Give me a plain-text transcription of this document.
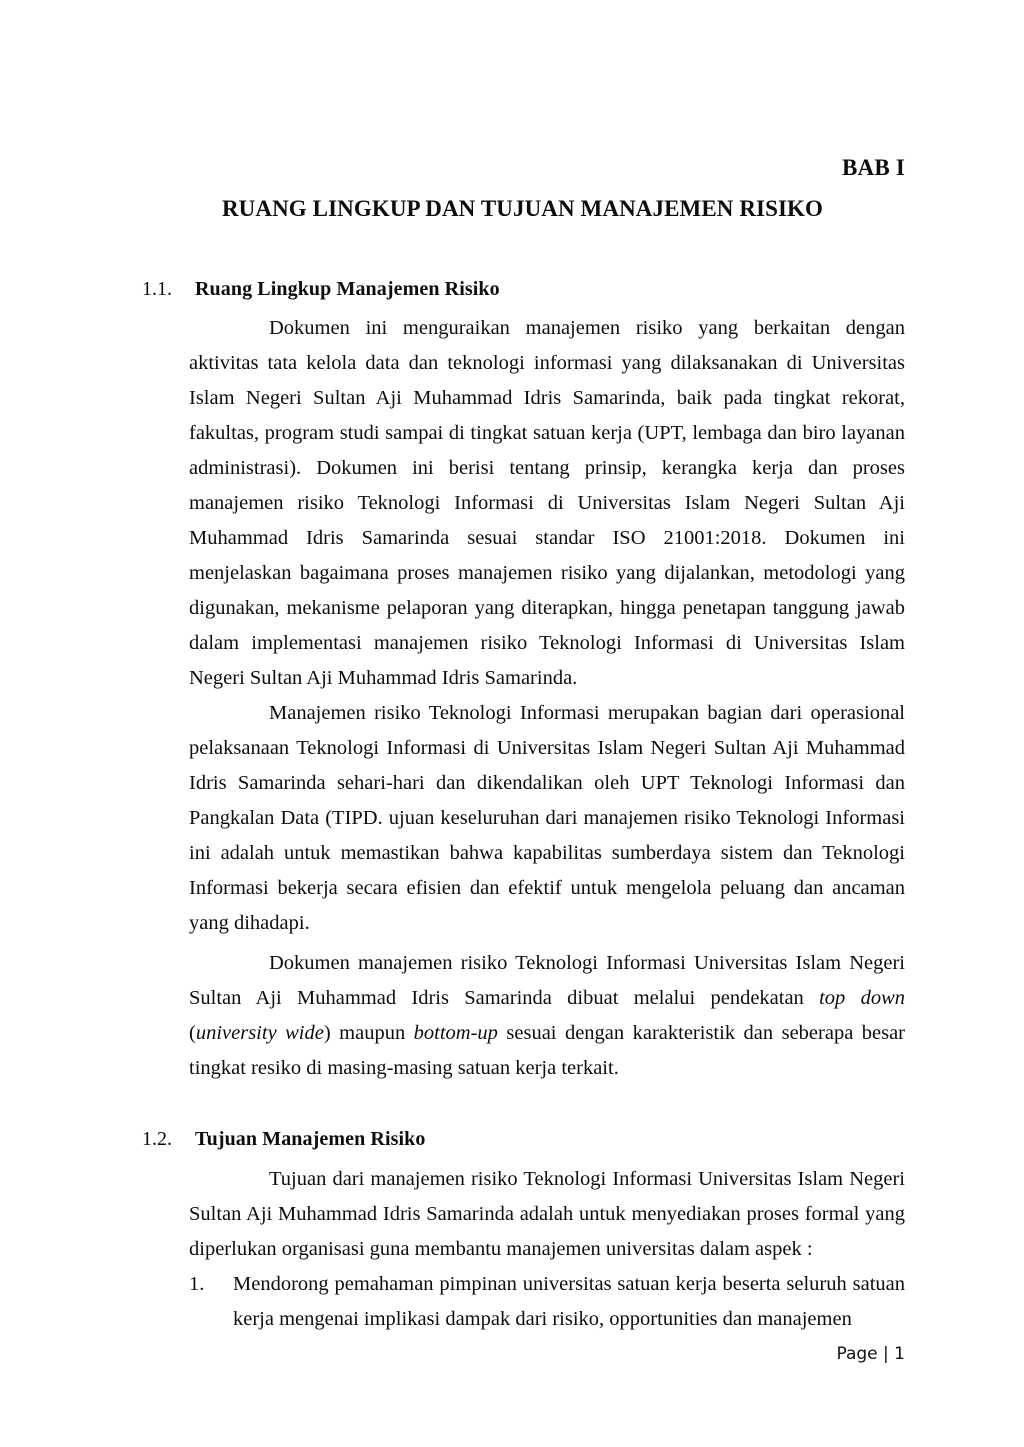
BAB I
RUANG LINGKUP DAN TUJUAN MANAJEMEN RISIKO
1.1.	Ruang Lingkup Manajemen Risiko

Dokumen ini menguraikan manajemen risiko yang berkaitan dengan aktivitas tata kelola data dan teknologi informasi yang dilaksanakan di Universitas Islam Negeri Sultan Aji Muhammad Idris Samarinda, baik pada tingkat rekorat, fakultas, program studi sampai di tingkat satuan kerja (UPT, lembaga dan biro layanan administrasi). Dokumen ini berisi tentang prinsip, kerangka kerja dan proses manajemen risiko Teknologi Informasi di Universitas Islam Negeri Sultan Aji Muhammad Idris Samarinda sesuai standar ISO 21001:2018. Dokumen ini menjelaskan bagaimana proses manajemen risiko yang dijalankan, metodologi yang digunakan, mekanisme pelaporan yang diterapkan, hingga penetapan tanggung jawab dalam implementasi manajemen risiko Teknologi Informasi di Universitas Islam Negeri Sultan Aji Muhammad Idris Samarinda.

Manajemen risiko Teknologi Informasi merupakan bagian dari operasional pelaksanaan Teknologi Informasi di Universitas Islam Negeri Sultan Aji Muhammad Idris Samarinda sehari-hari dan dikendalikan oleh UPT Teknologi Informasi dan Pangkalan Data (TIPD. ujuan keseluruhan dari manajemen risiko Teknologi Informasi ini adalah untuk memastikan bahwa kapabilitas sumberdaya sistem dan Teknologi Informasi bekerja secara efisien dan efektif untuk mengelola peluang dan ancaman yang dihadapi.

Dokumen manajemen risiko Teknologi Informasi Universitas Islam Negeri Sultan Aji Muhammad Idris Samarinda dibuat melalui pendekatan top down (university wide) maupun bottom-up sesuai dengan karakteristik dan seberapa besar tingkat resiko di masing-masing satuan kerja terkait.

1.2.	Tujuan Manajemen Risiko

Tujuan dari manajemen risiko Teknologi Informasi Universitas Islam Negeri Sultan Aji Muhammad Idris Samarinda adalah untuk menyediakan proses formal yang diperlukan organisasi guna membantu manajemen universitas dalam aspek :

1.	Mendorong pemahaman pimpinan universitas satuan kerja beserta seluruh satuan kerja mengenai implikasi dampak dari risiko, opportunities dan manajemen
Page | 1
